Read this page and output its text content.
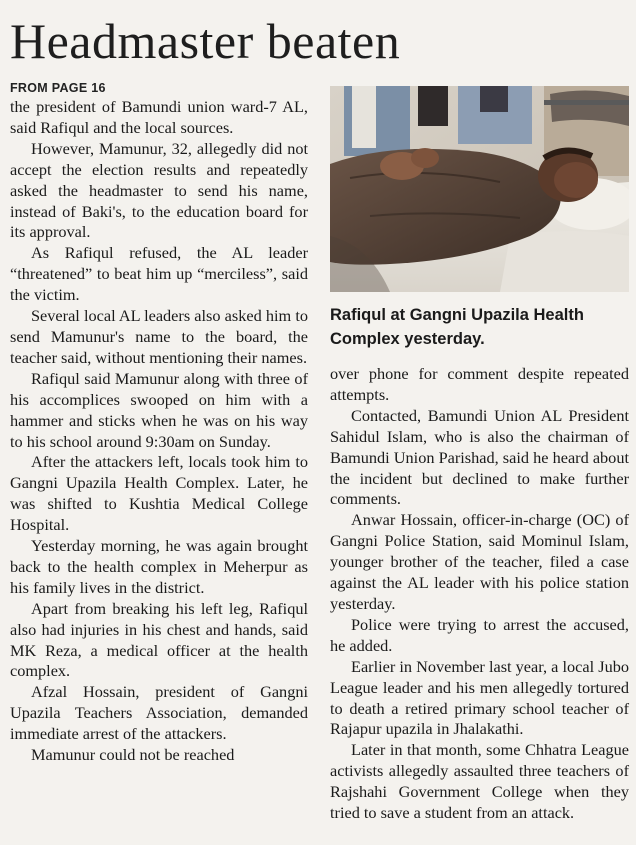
Headmaster beaten
FROM PAGE 16

the president of Bamundi union ward-7 AL, said Rafiqul and the local sources.

However, Mamunur, 32, allegedly did not accept the election results and repeatedly asked the headmaster to send his name, instead of Baki's, to the education board for its approval.

As Rafiqul refused, the AL leader “threatened” to beat him up “merciless”, said the victim.

Several local AL leaders also asked him to send Mamunur's name to the board, the teacher said, without mentioning their names.

Rafiqul said Mamunur along with three of his accomplices swooped on him with a hammer and sticks when he was on his way to his school around 9:30am on Sunday.

After the attackers left, locals took him to Gangni Upazila Health Complex. Later, he was shifted to Kushtia Medical College Hospital.

Yesterday morning, he was again brought back to the health complex in Meherpur as his family lives in the district.

Apart from breaking his left leg, Rafiqul also had injuries in his chest and hands, said MK Reza, a medical officer at the health complex.

Afzal Hossain, president of Gangni Upazila Teachers Association, demanded immediate arrest of the attackers.

Mamunur could not be reached

Rafiqul at Gangni Upazila Health Complex yesterday.

over phone for comment despite repeated attempts.

Contacted, Bamundi Union AL President Sahidul Islam, who is also the chairman of Bamundi Union Parishad, said he heard about the incident but declined to make further comments.

Anwar Hossain, officer-in-charge (OC) of Gangni Police Station, said Mominul Islam, younger brother of the teacher, filed a case against the AL leader with his police station yesterday.

Police were trying to arrest the accused, he added.

Earlier in November last year, a local Jubo League leader and his men allegedly tortured to death a retired primary school teacher of Rajapur upazila in Jhalakathi.

Later in that month, some Chhatra League activists allegedly assaulted three teachers of Rajshahi Government College when they tried to save a student from an attack.
